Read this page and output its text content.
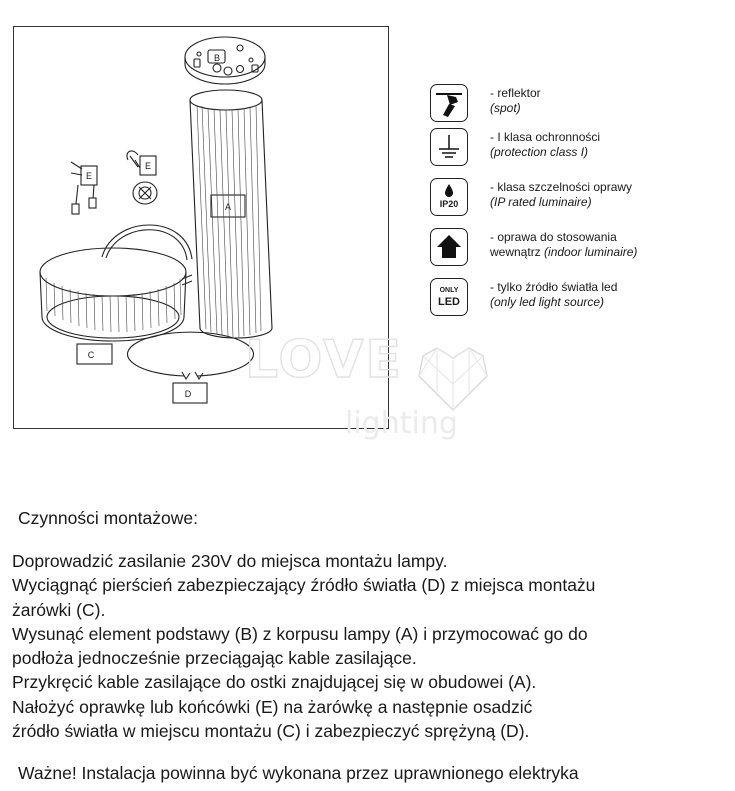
B
A
C
D
E
E
LOVE
lighting
- reflektor
(spot)
- I klasa ochronności
(protection class I)
IP20
- klasa szczelności oprawy
(IP rated luminaire)
- oprawa do stosowania
wewnątrz (indoor luminaire)
ONLY
LED
- tylko źródło światła led
(only led light source)
Czynności montażowe:
Doprowadzić zasilanie 230V do miejsca montażu lampy.
Wyciągnąć pierścień zabezpieczający źródło światła (D) z miejsca montażu
żarówki (C).
Wysunąć element podstawy (B) z korpusu lampy (A) i przymocować go do
podłoża jednocześnie przeciągając kable zasilające.
Przykręcić kable zasilające do ostki znajdującej się w obudowei (A).
Nałożyć oprawkę lub końcówki (E) na żarówkę a następnie osadzić
źródło światła w miejscu montażu (C) i zabezpieczyć sprężyną (D).
Ważne! Instalacja powinna być wykonana przez uprawnionego elektryka
